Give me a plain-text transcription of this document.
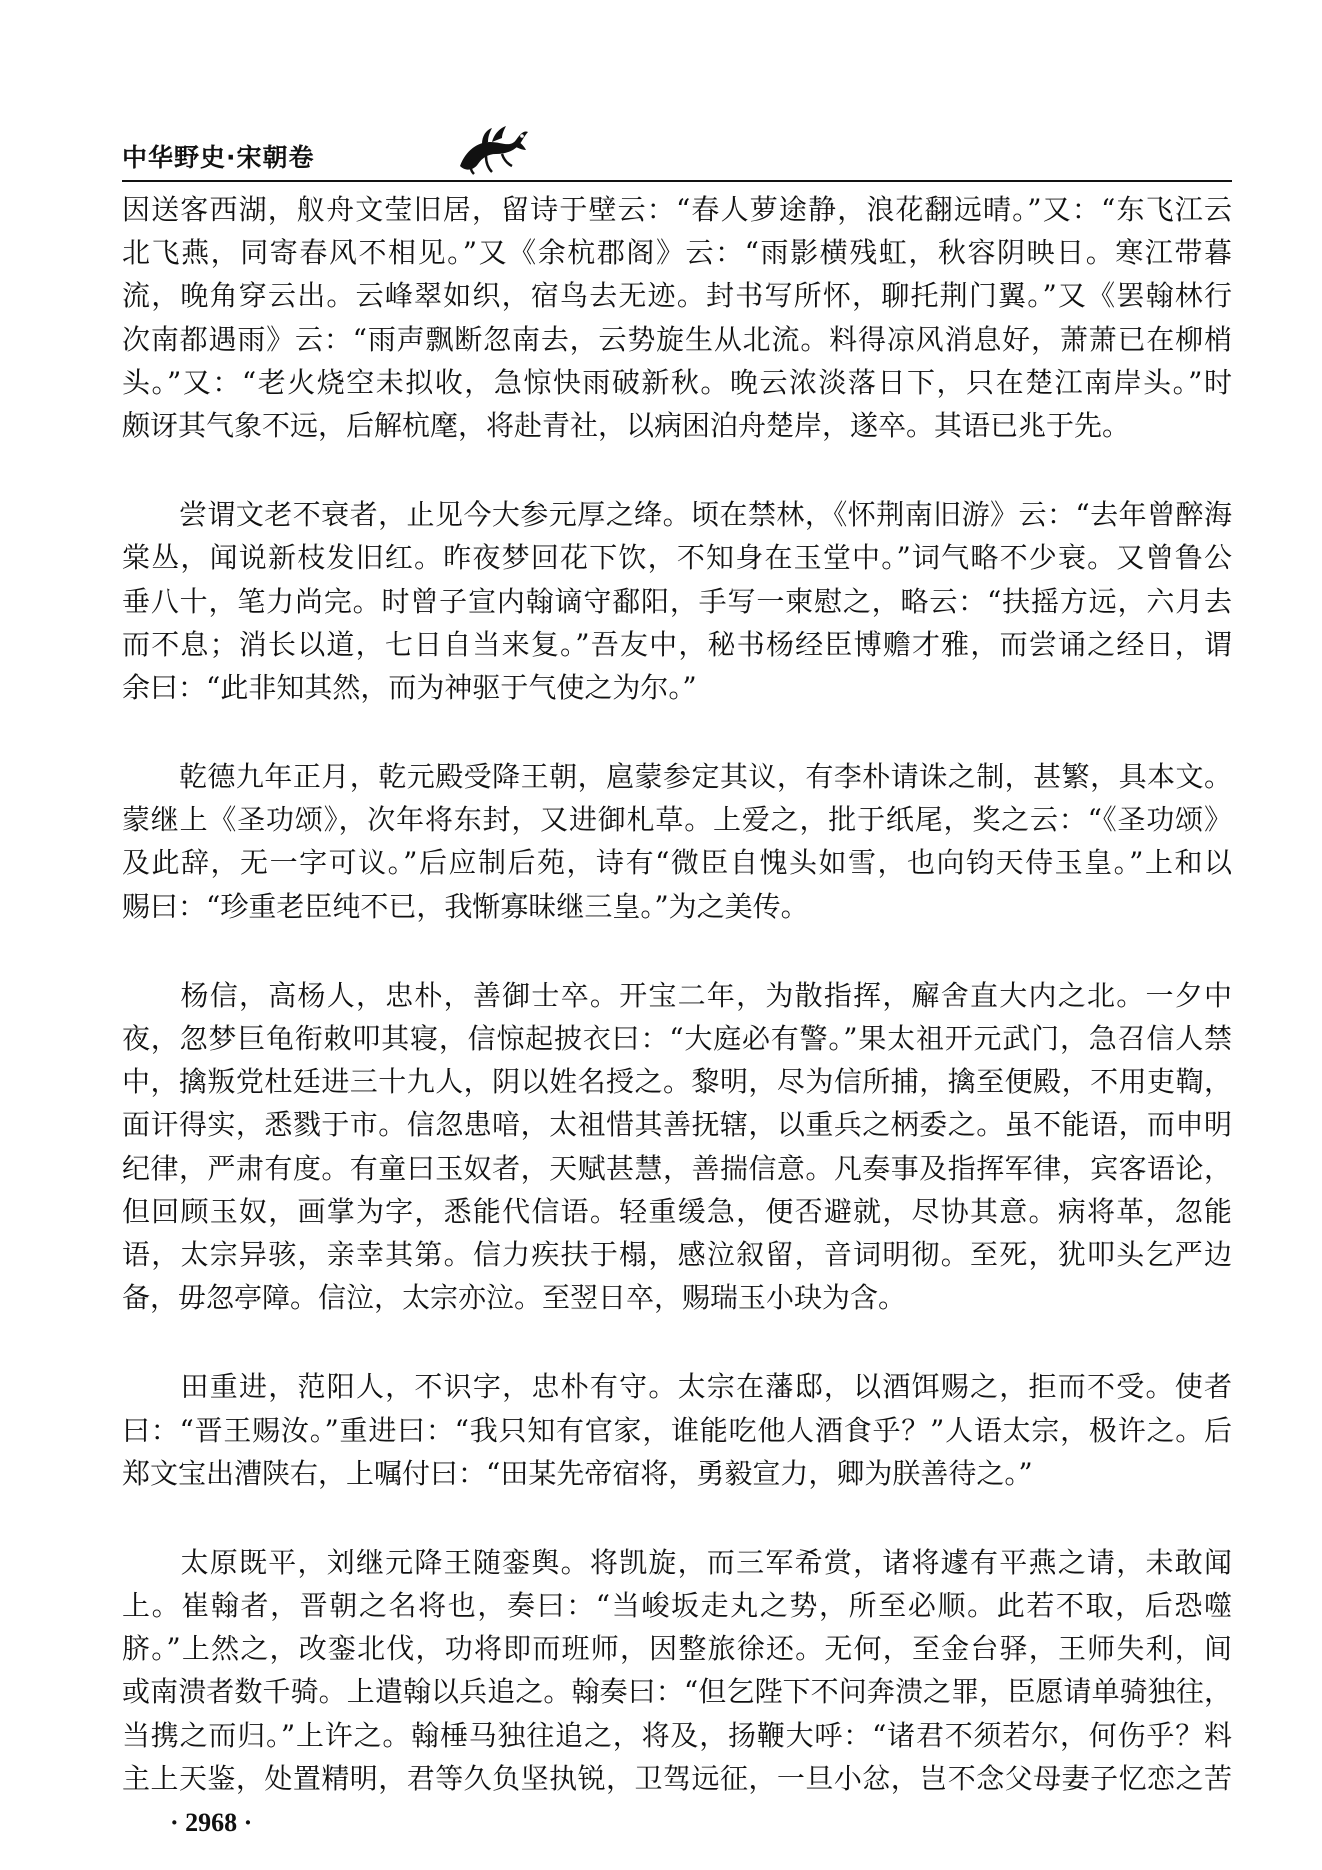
中华野史·宋朝卷
因送客西湖，舣舟文莹旧居，留诗于壁云：“春人萝途静，浪花翻远晴。”又：“东飞江云
北飞燕，同寄春风不相见。”又《余杭郡阁》云：“雨影横残虹，秋容阴映日。寒江带暮
流，晚角穿云出。云峰翠如织，宿鸟去无迹。封书写所怀，聊托荆门翼。”又《罢翰林行
次南都遇雨》云：“雨声飘断忽南去，云势旋生从北流。料得凉风消息好，萧萧已在柳梢
头。”又：“老火烧空未拟收，急惊快雨破新秋。晚云浓淡落日下，只在楚江南岸头。”时
颇讶其气象不远，后解杭麾，将赴青社，以病困泊舟楚岸，遂卒。其语已兆于先。
　　尝谓文老不衰者，止见今大参元厚之绛。顷在禁林，《怀荆南旧游》云：“去年曾醉海
棠丛，闻说新枝发旧红。昨夜梦回花下饮，不知身在玉堂中。”词气略不少衰。又曾鲁公
垂八十，笔力尚完。时曾子宣内翰谪守鄱阳，手写一柬慰之，略云：“扶摇方远，六月去
而不息；消长以道，七日自当来复。”吾友中，秘书杨经臣博赡才雅，而尝诵之经日，谓
余曰：“此非知其然，而为神驱于气使之为尔。”
　　乾德九年正月，乾元殿受降王朝，扈蒙参定其议，有李朴请诛之制，甚繁，具本文。
蒙继上《圣功颂》，次年将东封，又进御札草。上爱之，批于纸尾，奖之云：“《圣功颂》
及此辞，无一字可议。”后应制后苑，诗有“微臣自愧头如雪，也向钧天侍玉皇。”上和以
赐曰：“珍重老臣纯不已，我惭寡昧继三皇。”为之美传。
　　杨信，高杨人，忠朴，善御士卒。开宝二年，为散指挥，廨舍直大内之北。一夕中
夜，忽梦巨龟衔敕叩其寝，信惊起披衣曰：“大庭必有警。”果太祖开元武门，急召信人禁
中，擒叛党杜廷进三十九人，阴以姓名授之。黎明，尽为信所捕，擒至便殿，不用吏鞫，
面讦得实，悉戮于市。信忽患喑，太祖惜其善抚辖，以重兵之柄委之。虽不能语，而申明
纪律，严肃有度。有童曰玉奴者，天赋甚慧，善揣信意。凡奏事及指挥军律，宾客语论，
但回顾玉奴，画掌为字，悉能代信语。轻重缓急，便否避就，尽协其意。病将革，忽能
语，太宗异骇，亲幸其第。信力疾扶于榻，感泣叙留，音词明彻。至死，犹叩头乞严边
备，毋忽亭障。信泣，太宗亦泣。至翌日卒，赐瑞玉小玦为含。
　　田重进，范阳人，不识字，忠朴有守。太宗在藩邸，以酒饵赐之，拒而不受。使者
曰：“晋王赐汝。”重进曰：“我只知有官家，谁能吃他人酒食乎？”人语太宗，极许之。后
郑文宝出漕陕右，上嘱付曰：“田某先帝宿将，勇毅宣力，卿为朕善待之。”
　　太原既平，刘继元降王随銮舆。将凯旋，而三军希赏，诸将遽有平燕之请，未敢闻
上。崔翰者，晋朝之名将也，奏曰：“当峻坂走丸之势，所至必顺。此若不取，后恐噬
脐。”上然之，改銮北伐，功将即而班师，因整旅徐还。无何，至金台驿，王师失利，间
或南溃者数千骑。上遣翰以兵追之。翰奏曰：“但乞陛下不问奔溃之罪，臣愿请单骑独往，
当携之而归。”上许之。翰棰马独往追之，将及，扬鞭大呼：“诸君不须若尔，何伤乎？料
主上天鉴，处置精明，君等久负坚执锐，卫驾远征，一旦小忿，岂不念父母妻子忆恋之苦
· 2968 ·
